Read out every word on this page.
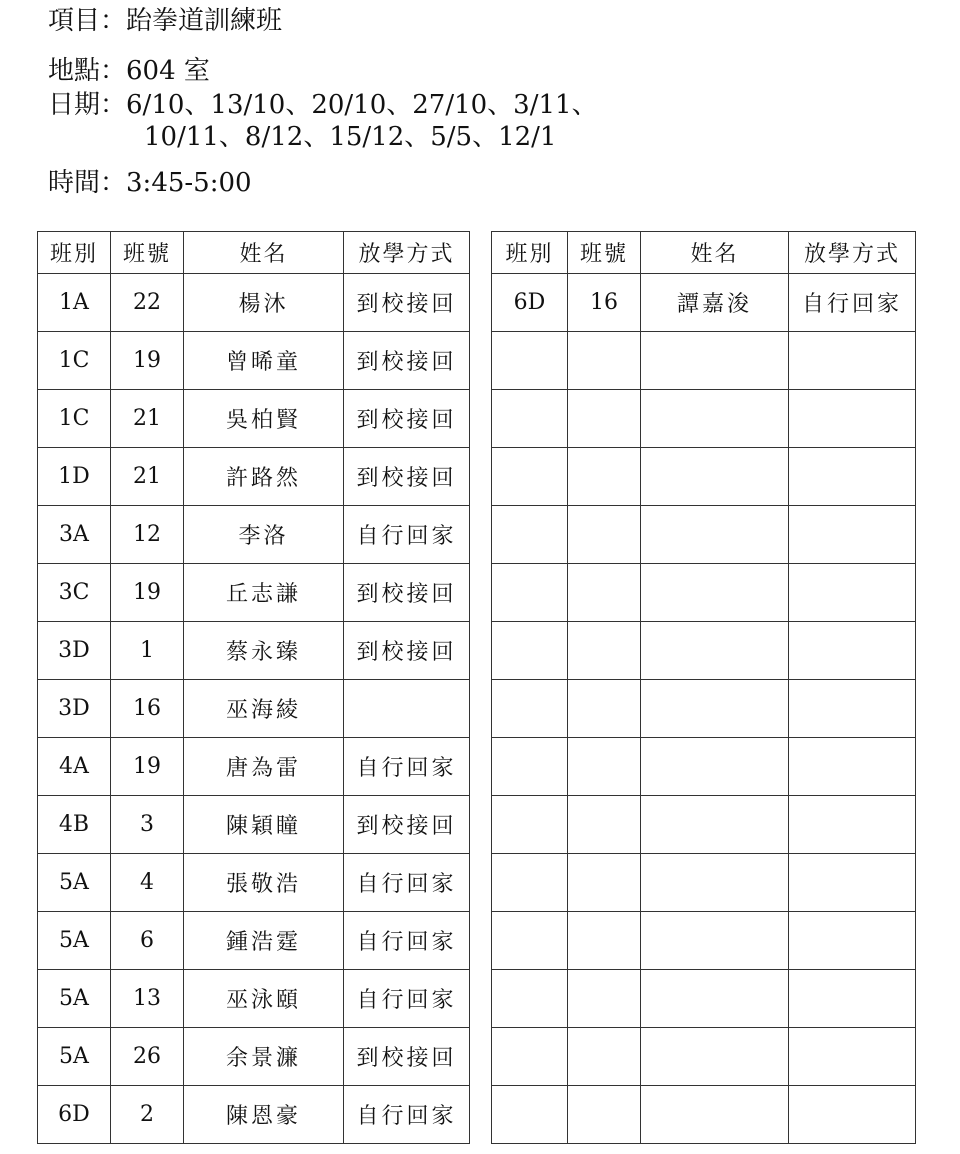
項目：跆拳道訓練班
地點：604 室
日期：6/10、13/10、20/10、27/10、3/11、
10/11、8/12、15/12、5/5、12/1
時間：3:45-5:00
班別	班號	姓名	放學方式
1A	22	楊沐	到校接回
1C	19	曾晞童	到校接回
1C	21	吳柏賢	到校接回
1D	21	許路然	到校接回
3A	12	李洛	自行回家
3C	19	丘志謙	到校接回
3D	1	蔡永臻	到校接回
3D	16	巫海綾	
4A	19	唐為雷	自行回家
4B	3	陳穎瞳	到校接回
5A	4	張敬浩	自行回家
5A	6	鍾浩霆	自行回家
5A	13	巫泳頤	自行回家
5A	26	余景濂	到校接回
6D	2	陳恩豪	自行回家
班別	班號	姓名	放學方式
6D	16	譚嘉浚	自行回家
